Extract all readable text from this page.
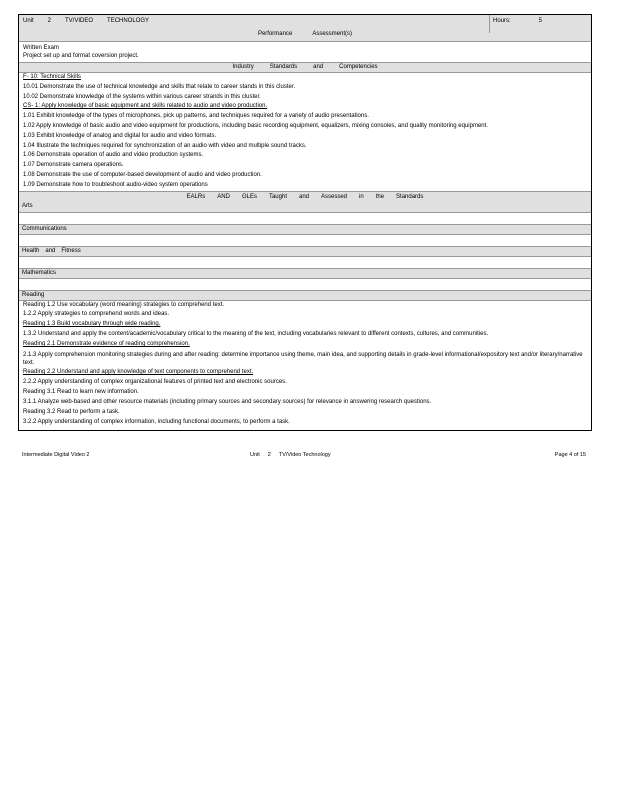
Unit 2 TV/VIDEO TECHNOLOGY	Hours:	5
Performance	Assessment(s)
Written Exam
Project set up and format coversion project.
Industry	Standards	and	Competencies
F- 10: Technical Skills
10.01 Demonstrate the use of technical knowledge and skills that relate to career stands in this cluster.
10.02 Demonstrate knowledge of the systems within various career strands in this cluster.
CS- 1: Apply knowledge of basic equipment and skills related to audio and video production.
1.01 Exhibit knowledge of the types of microphones, pick up patterns, and techniques required for a variety of audio presentations.
1.02 Apply knowledge of basic audio and video equipment for productions, including basic recording equipment, equalizers, mixing consoles, and quality monitoring equipment.
1.03 Exhibit knowledge of analog and digital for audio and video formats.
1.04 Illustrate the techniques required for synchronization of an audio with video and multiple sound tracks.
1.06 Demonstrate operation of audio and video production systems.
1.07 Demonstrate camera operations.
1.08 Demonstrate the use of computer-based development of audio and video production.
1.09 Demonstrate how to troubleshoot audio-video system operations
EALRs AND GLEs Taught and Assessed in the Standards
Arts
Communications
Health and Fitness
Mathematics
Reading
Reading 1.2 Use vocabulary (word meaning) strategies to comprehend text.
1.2.2 Apply strategies to comprehend words and ideas.
Reading 1.3 Build vocabulary through wide reading.
1.3.2 Understand and apply the content/academic/vocabulary critical to the meaning of the text, including vocabularies relevant to different contexts, cultures, and communities.
Reading 2.1 Demonstrate evidence of reading comprehension.
2.1.3 Apply comprehension monitoring strategies during and after reading: determine importance using theme, main idea, and supporting details in grade-level informational/expository text and/or literary/narrative text.
Reading 2.2 Understand and apply knowledge of text components to comprehend text.
2.2.2 Apply understanding of complex organizational features of printed text and electronic sources.
Reading 3.1 Read to learn new information.
3.1.1 Analyze web-based and other resource materials (including primary sources and secondary sources) for relevance in answering research questions.
Reading 3.2 Read to perform a task.
3.2.2 Apply understanding of complex information, including functional documents, to perform a task.
Intermediate Digital Video 2	Unit 2 TV/Video Technology	Page 4 of 15
